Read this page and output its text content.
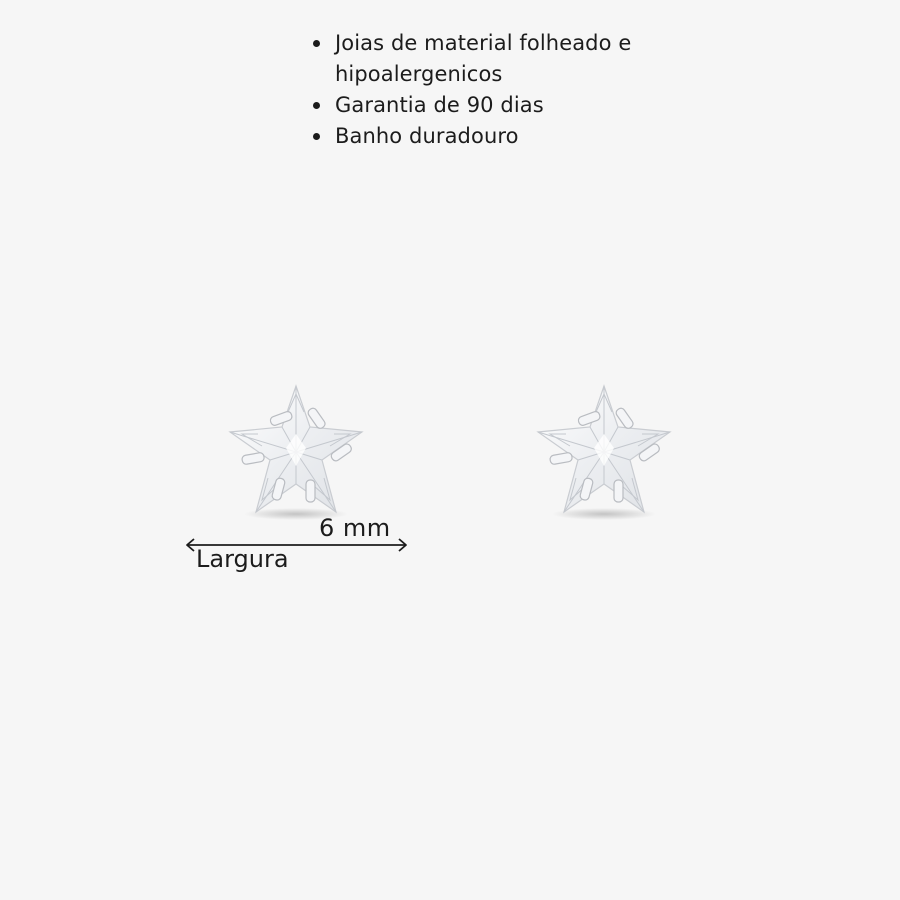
Joias de material folheado e hipoalergenicos
Garantia de 90 dias
Banho duradouro
6 mm
Largura
